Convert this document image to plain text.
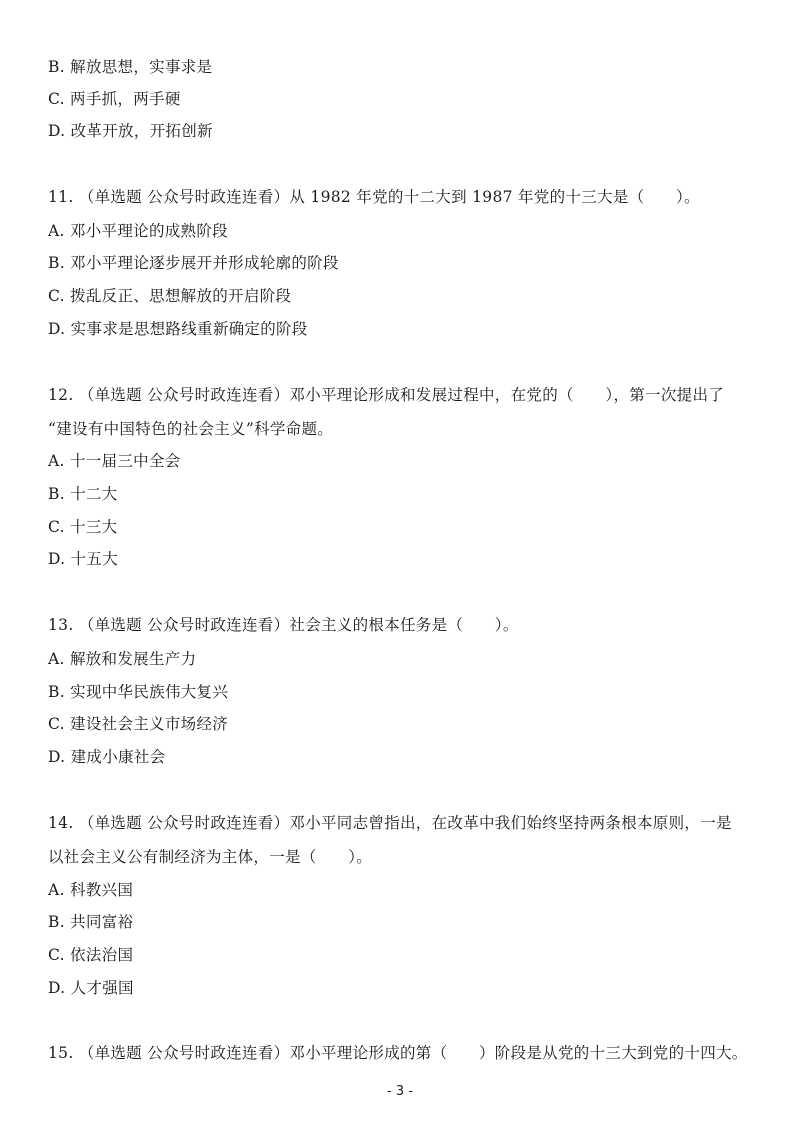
B. 解放思想，实事求是
C. 两手抓，两手硬
D. 改革开放，开拓创新
11. （单选题 公众号时政连连看）从 1982 年党的十二大到 1987 年党的十三大是（　　）。
A. 邓小平理论的成熟阶段
B. 邓小平理论逐步展开并形成轮廓的阶段
C. 拨乱反正、思想解放的开启阶段
D. 实事求是思想路线重新确定的阶段
12. （单选题 公众号时政连连看）邓小平理论形成和发展过程中，在党的（　　），第一次提出了
“建设有中国特色的社会主义”科学命题。
A. 十一届三中全会
B. 十二大
C. 十三大
D. 十五大
13. （单选题 公众号时政连连看）社会主义的根本任务是（　　）。
A. 解放和发展生产力
B. 实现中华民族伟大复兴
C. 建设社会主义市场经济
D. 建成小康社会
14. （单选题 公众号时政连连看）邓小平同志曾指出，在改革中我们始终坚持两条根本原则，一是
以社会主义公有制经济为主体，一是（　　）。
A. 科教兴国
B. 共同富裕
C. 依法治国
D. 人才强国
15. （单选题 公众号时政连连看）邓小平理论形成的第（　　）阶段是从党的十三大到党的十四大。
- 3 -
